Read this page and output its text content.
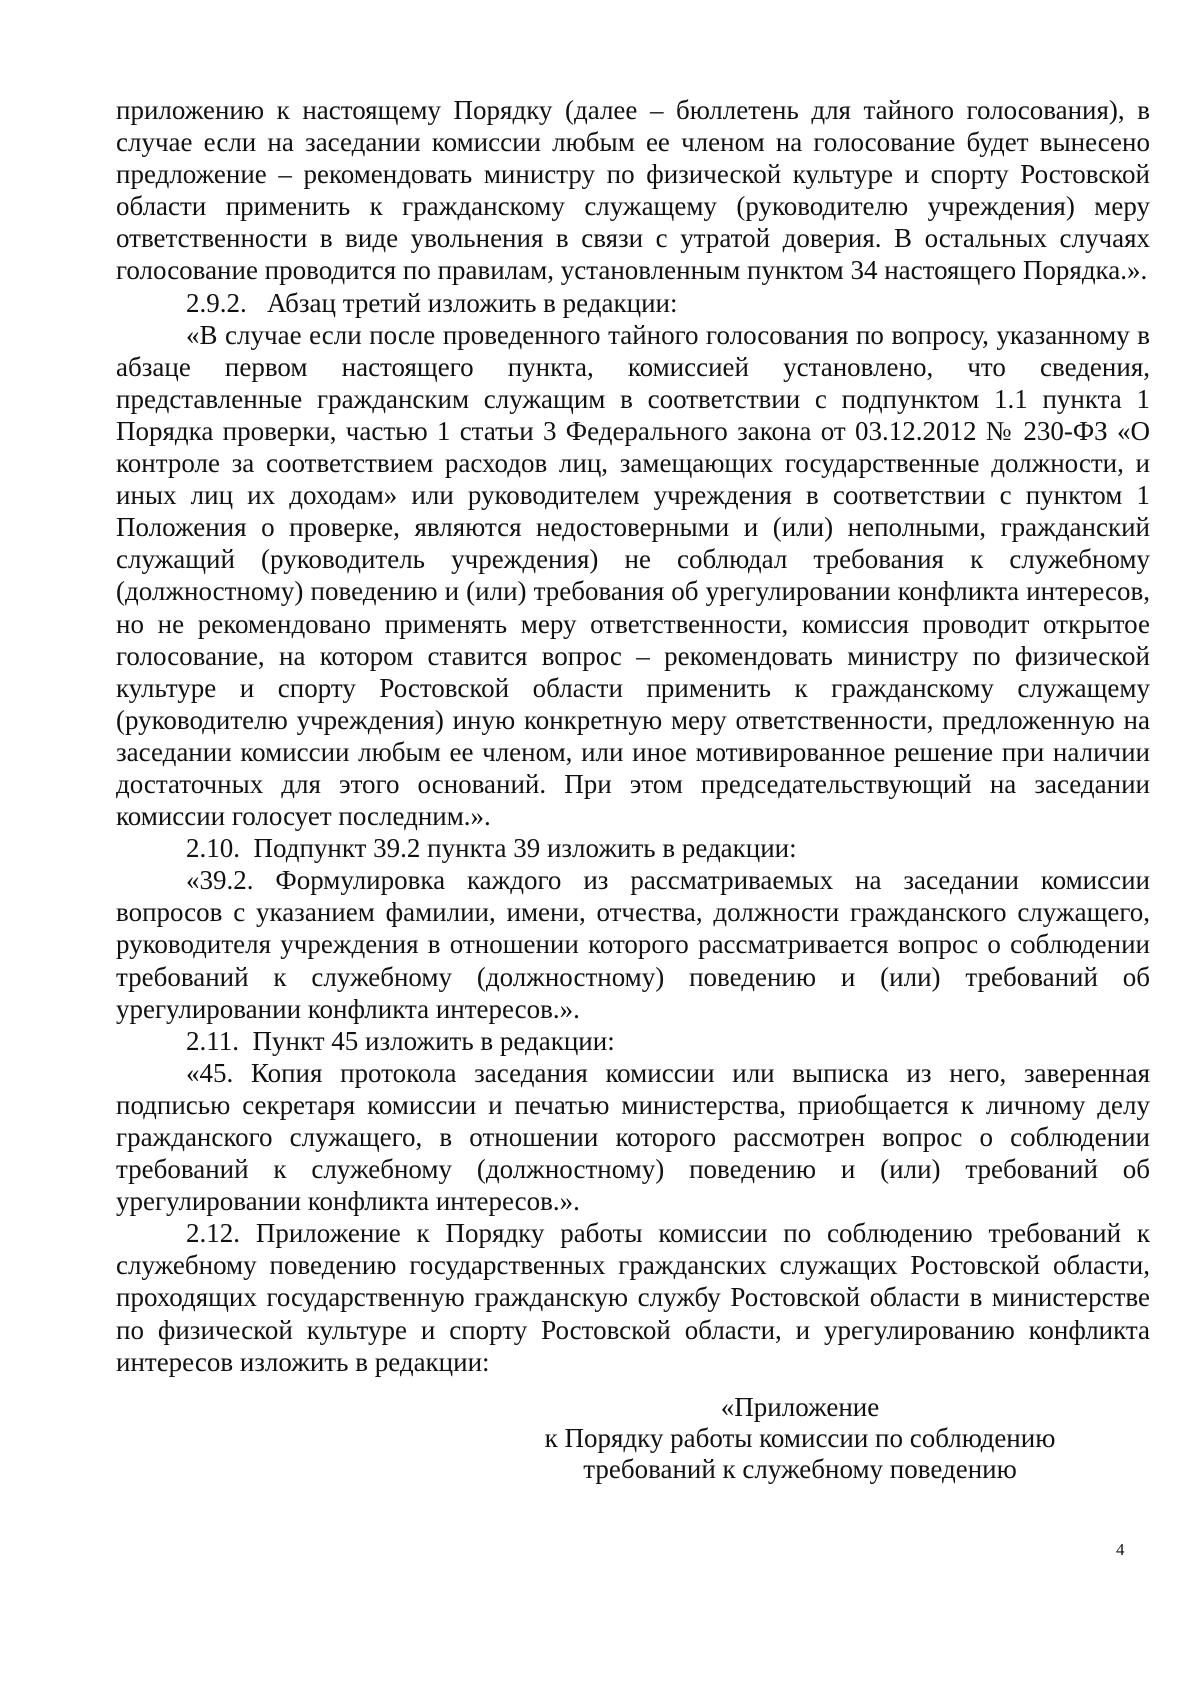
приложению к настоящему Порядку (далее – бюллетень для тайного голосования), в случае если на заседании комиссии любым ее членом на голосование будет вынесено предложение – рекомендовать министру по физической культуре и спорту Ростовской области применить к гражданскому служащему (руководителю учреждения) меру ответственности в виде увольнения в связи с утратой доверия. В остальных случаях голосование проводится по правилам, установленным пунктом 34 настоящего Порядка.».

2.9.2.   Абзац третий изложить в редакции:

«В случае если после проведенного тайного голосования по вопросу, указанному в абзаце первом настоящего пункта, комиссией установлено, что сведения, представленные гражданским служащим в соответствии с подпунктом 1.1 пункта 1 Порядка проверки, частью 1 статьи 3 Федерального закона от 03.12.2012 № 230-ФЗ «О контроле за соответствием расходов лиц, замещающих государственные должности, и иных лиц их доходам» или руководителем учреждения в соответствии с пунктом 1 Положения о проверке, являются недостоверными и (или) неполными, гражданский служащий (руководитель учреждения) не соблюдал требования к служебному (должностному) поведению и (или) требования об урегулировании конфликта интересов, но не рекомендовано применять меру ответственности, комиссия проводит открытое голосование, на котором ставится вопрос – рекомендовать министру по физической культуре и спорту Ростовской области применить к гражданскому служащему (руководителю учреждения) иную конкретную меру ответственности, предложенную на заседании комиссии любым ее членом, или иное мотивированное решение при наличии достаточных для этого оснований. При этом председательствующий на заседании комиссии голосует последним.».

2.10.  Подпункт 39.2 пункта 39 изложить в редакции:

«39.2. Формулировка каждого из рассматриваемых на заседании комиссии вопросов с указанием фамилии, имени, отчества, должности гражданского служащего, руководителя учреждения в отношении которого рассматривается вопрос о соблюдении требований к служебному (должностному) поведению и (или) требований об урегулировании конфликта интересов.».

2.11.  Пункт 45 изложить в редакции:

«45. Копия протокола заседания комиссии или выписка из него, заверенная подписью секретаря комиссии и печатью министерства, приобщается к личному делу гражданского служащего, в отношении которого рассмотрен вопрос о соблюдении требований к служебному (должностному) поведению и (или) требований об урегулировании конфликта интересов.».

2.12. Приложение к Порядку работы комиссии по соблюдению требований к служебному поведению государственных гражданских служащих Ростовской области, проходящих государственную гражданскую службу Ростовской области в министерстве по физической культуре и спорту Ростовской области, и урегулированию конфликта интересов изложить в редакции:

«Приложение
к Порядку работы комиссии по соблюдению
требований к служебному поведению
4
